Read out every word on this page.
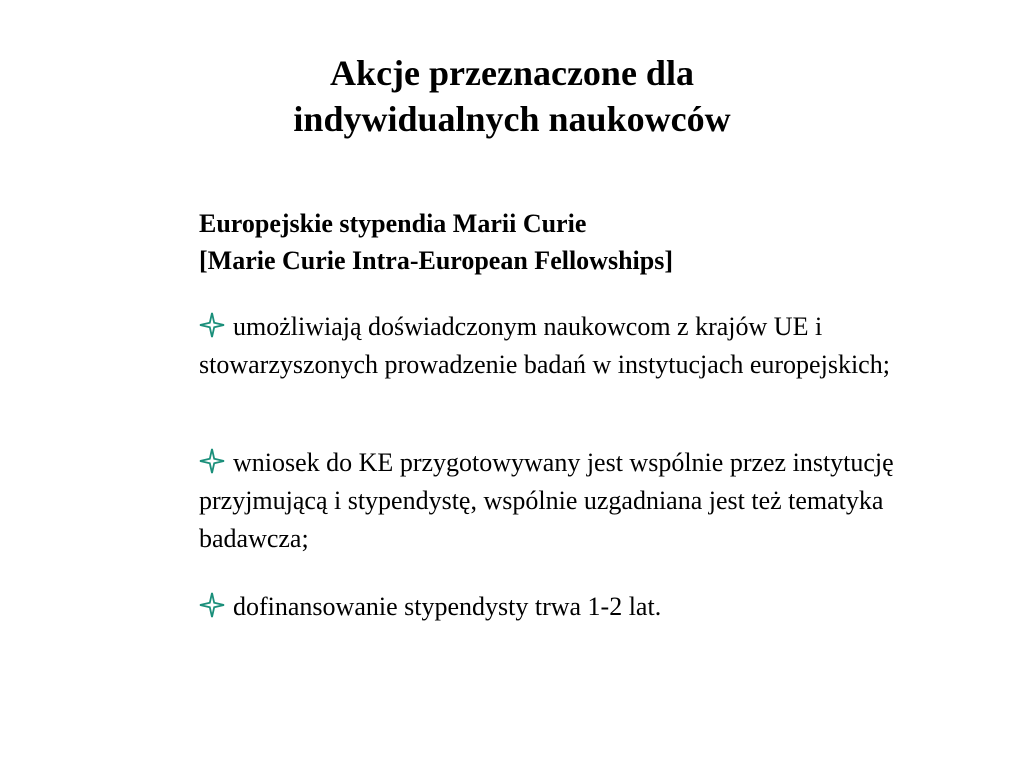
Akcje przeznaczone dla
indywidualnych naukowców
Europejskie stypendia Marii Curie
[Marie Curie Intra-European Fellowships]

umożliwiają doświadczonym naukowcom z krajów UE i stowarzyszonych prowadzenie badań w instytucjach europejskich;

wniosek do KE przygotowywany jest wspólnie przez instytucję przyjmującą i stypendystę, wspólnie uzgadniana jest też tematyka badawcza;

dofinansowanie stypendysty trwa 1-2 lat.
